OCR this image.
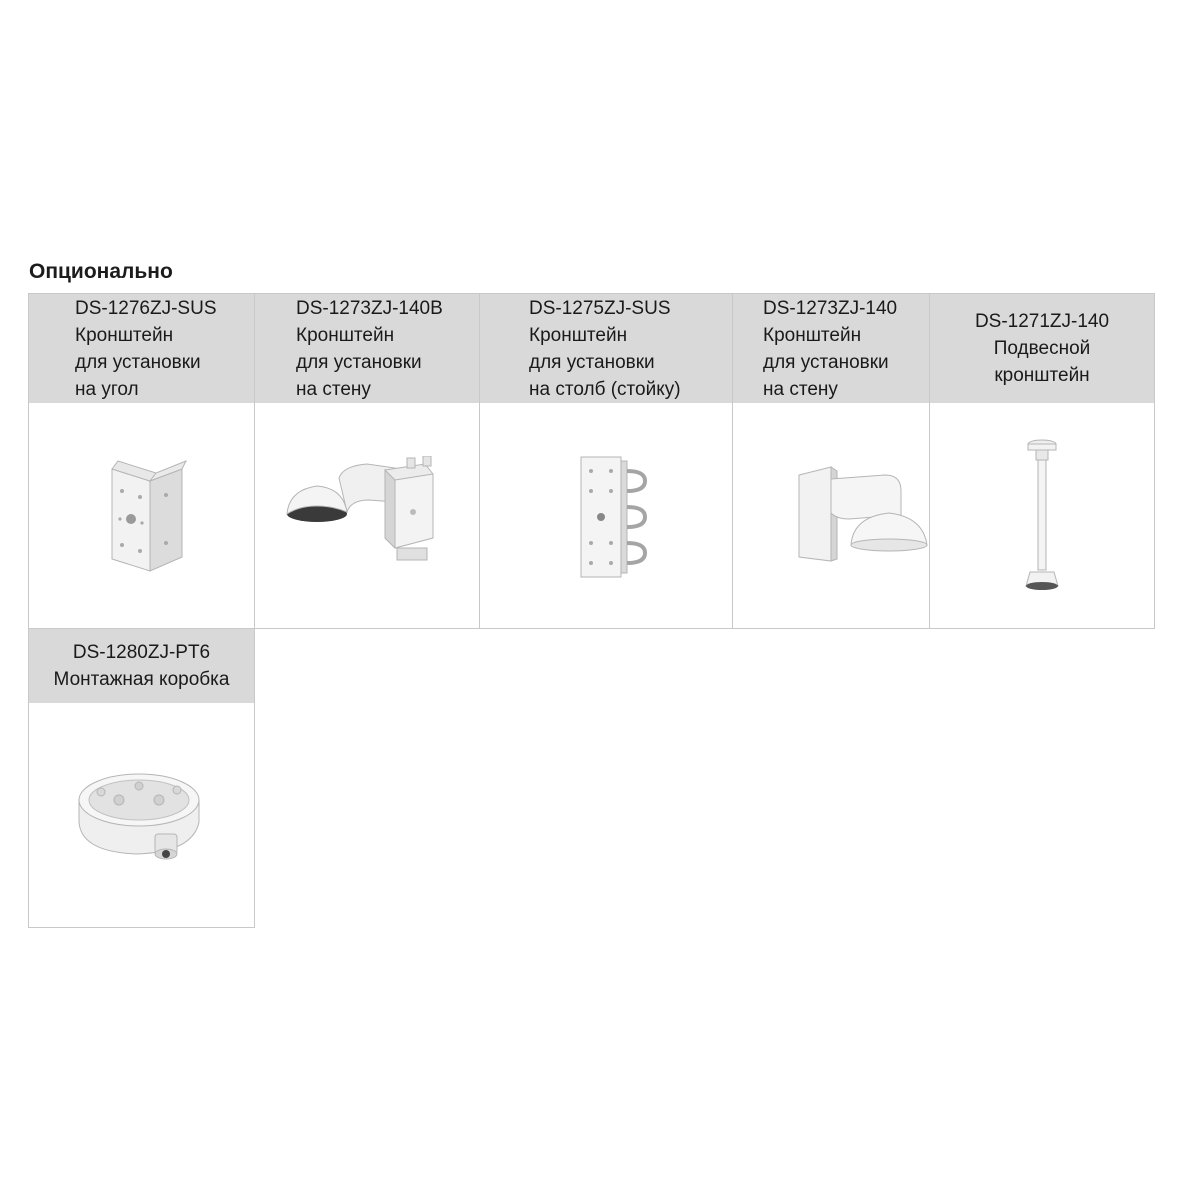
Опционально
DS-1276ZJ-SUS
Кронштейн
для установки
на угол
DS-1273ZJ-140B
Кронштейн
для установки
на стену
DS-1275ZJ-SUS
Кронштейн
для установки
на столб (стойку)
DS-1273ZJ-140
Кронштейн
для установки
на стену
DS-1271ZJ-140
Подвесной
кронштейн
DS-1280ZJ-PT6
Монтажная коробка
